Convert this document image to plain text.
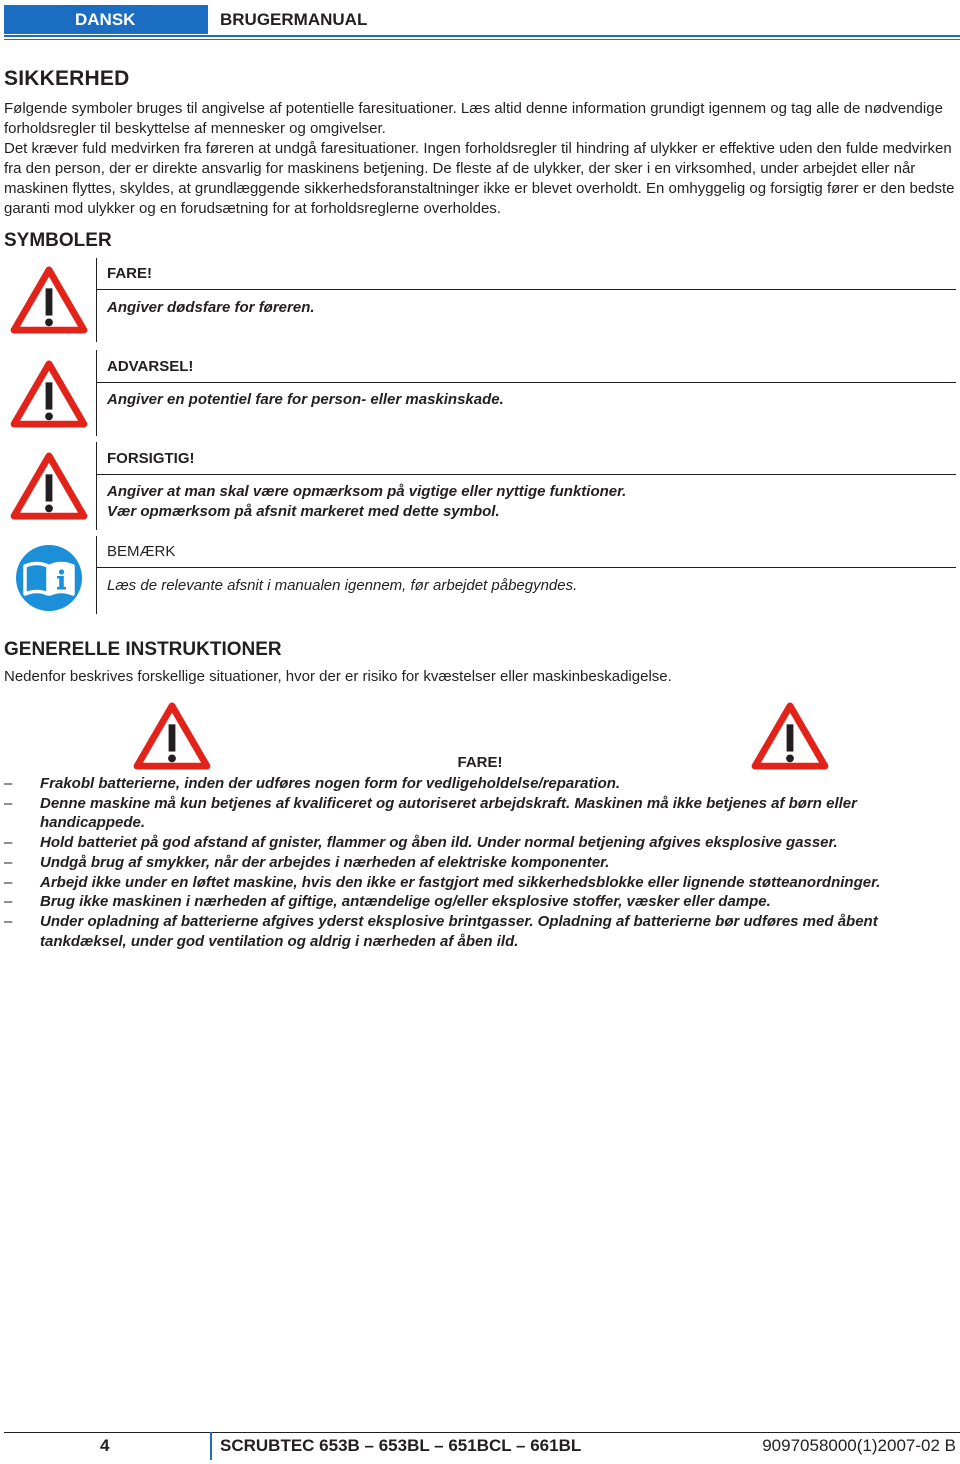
DANSK	BRUGERMANUAL
SIKKERHED
Følgende symboler bruges til angivelse af potentielle faresituationer. Læs altid denne information grundigt igennem og tag alle de nødvendige forholdsregler til beskyttelse af mennesker og omgivelser.
Det kræver fuld medvirken fra føreren at undgå faresituationer. Ingen forholdsregler til hindring af ulykker er effektive uden den fulde medvirken fra den person, der er direkte ansvarlig for maskinens betjening. De fleste af de ulykker, der sker i en virksomhed, under arbejdet eller når maskinen flyttes, skyldes, at grundlæggende sikkerhedsforanstaltninger ikke er blevet overholdt. En omhyggelig og forsigtig fører er den bedste garanti mod ulykker og en forudsætning for at forholdsreglerne overholdes.
SYMBOLER
FARE!
Angiver dødsfare for føreren.
ADVARSEL!
Angiver en potentiel fare for person- eller maskinskade.
FORSIGTIG!
Angiver at man skal være opmærksom på vigtige eller nyttige funktioner.
Vær opmærksom på afsnit markeret med dette symbol.
BEMÆRK
Læs de relevante afsnit i manualen igennem, før arbejdet påbegyndes.
GENERELLE INSTRUKTIONER
Nedenfor beskrives forskellige situationer, hvor der er risiko for kvæstelser eller maskinbeskadigelse.
FARE!
– Frakobl batterierne, inden der udføres nogen form for vedligeholdelse/reparation.
– Denne maskine må kun betjenes af kvalificeret og autoriseret arbejdskraft. Maskinen må ikke betjenes af børn eller handicappede.
– Hold batteriet på god afstand af gnister, flammer og åben ild. Under normal betjening afgives eksplosive gasser.
– Undgå brug af smykker, når der arbejdes i nærheden af elektriske komponenter.
– Arbejd ikke under en løftet maskine, hvis den ikke er fastgjort med sikkerhedsblokke eller lignende støtteanordninger.
– Brug ikke maskinen i nærheden af giftige, antændelige og/eller eksplosive stoffer, væsker eller dampe.
– Under opladning af batterierne afgives yderst eksplosive brintgasser. Opladning af batterierne bør udføres med åbent tankdæksel, under god ventilation og aldrig i nærheden af åben ild.
4	SCRUBTEC 653B – 653BL – 651BCL – 661BL	9097058000(1)2007-02 B
